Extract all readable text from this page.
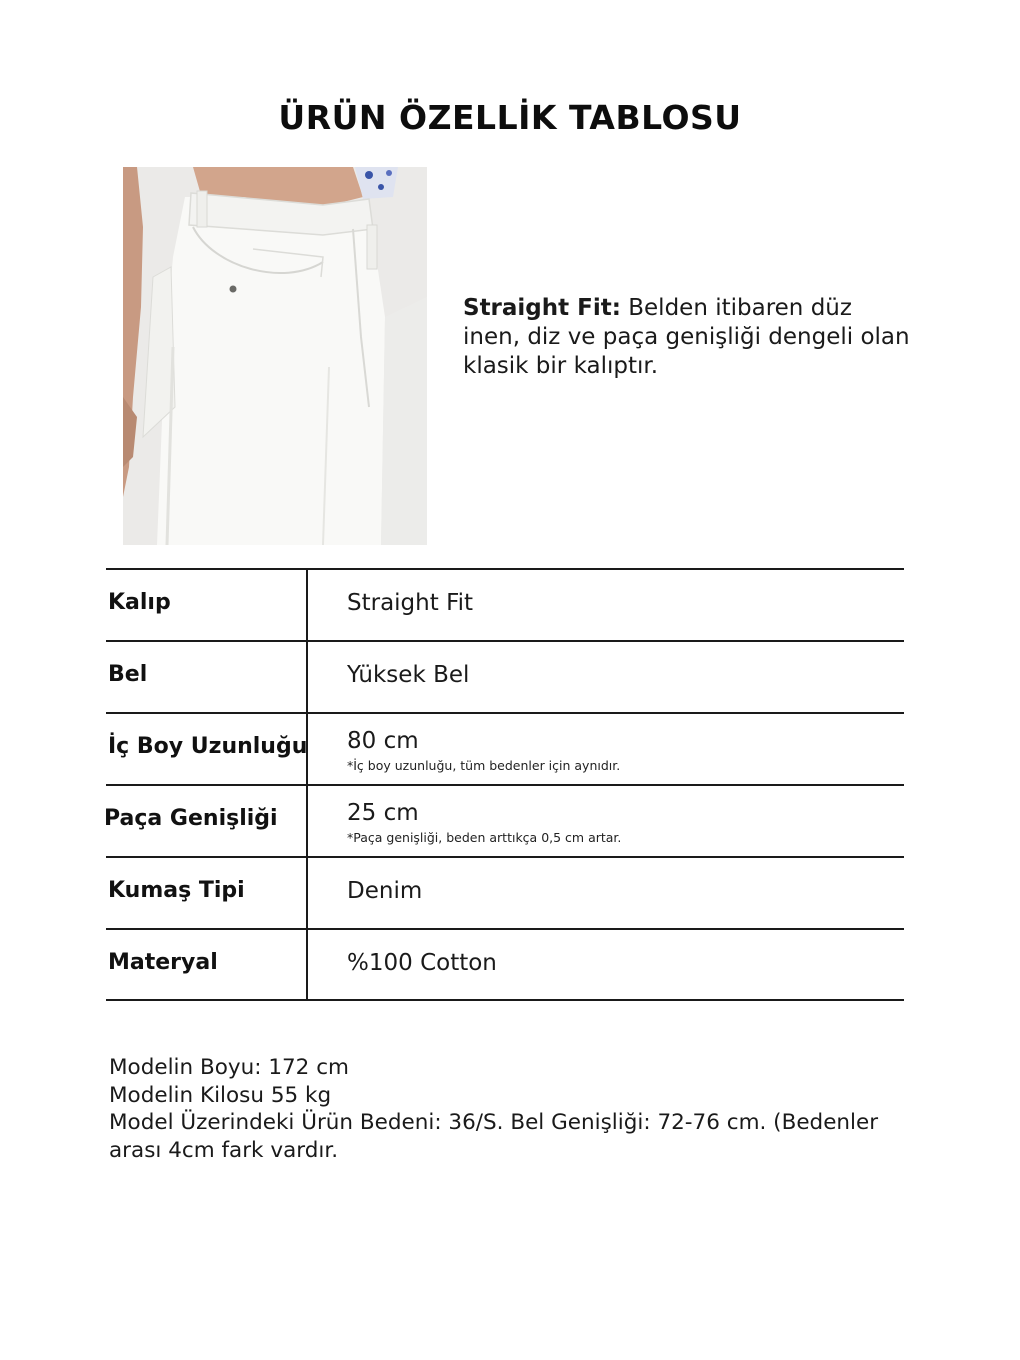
ÜRÜN ÖZELLİK TABLOSU
Straight Fit: Belden itibaren düz inen, diz ve paça genişliği dengeli olan klasik bir kalıptır.
Kalıp	Straight Fit
Bel	Yüksek Bel
İç Boy Uzunluğu 80 cm
*İç boy uzunluğu, tüm bedenler için aynıdır.
Paça Genişliği	25 cm
*Paça genişliği, beden arttıkça 0,5 cm artar.
Kumaş Tipi	Denim
Materyal	%100 Cotton
Modelin Boyu: 172 cm
Modelin Kilosu 55 kg
Model Üzerindeki Ürün Bedeni: 36/S. Bel Genişliği: 72-76 cm. (Bedenler arası 4cm fark vardır.
